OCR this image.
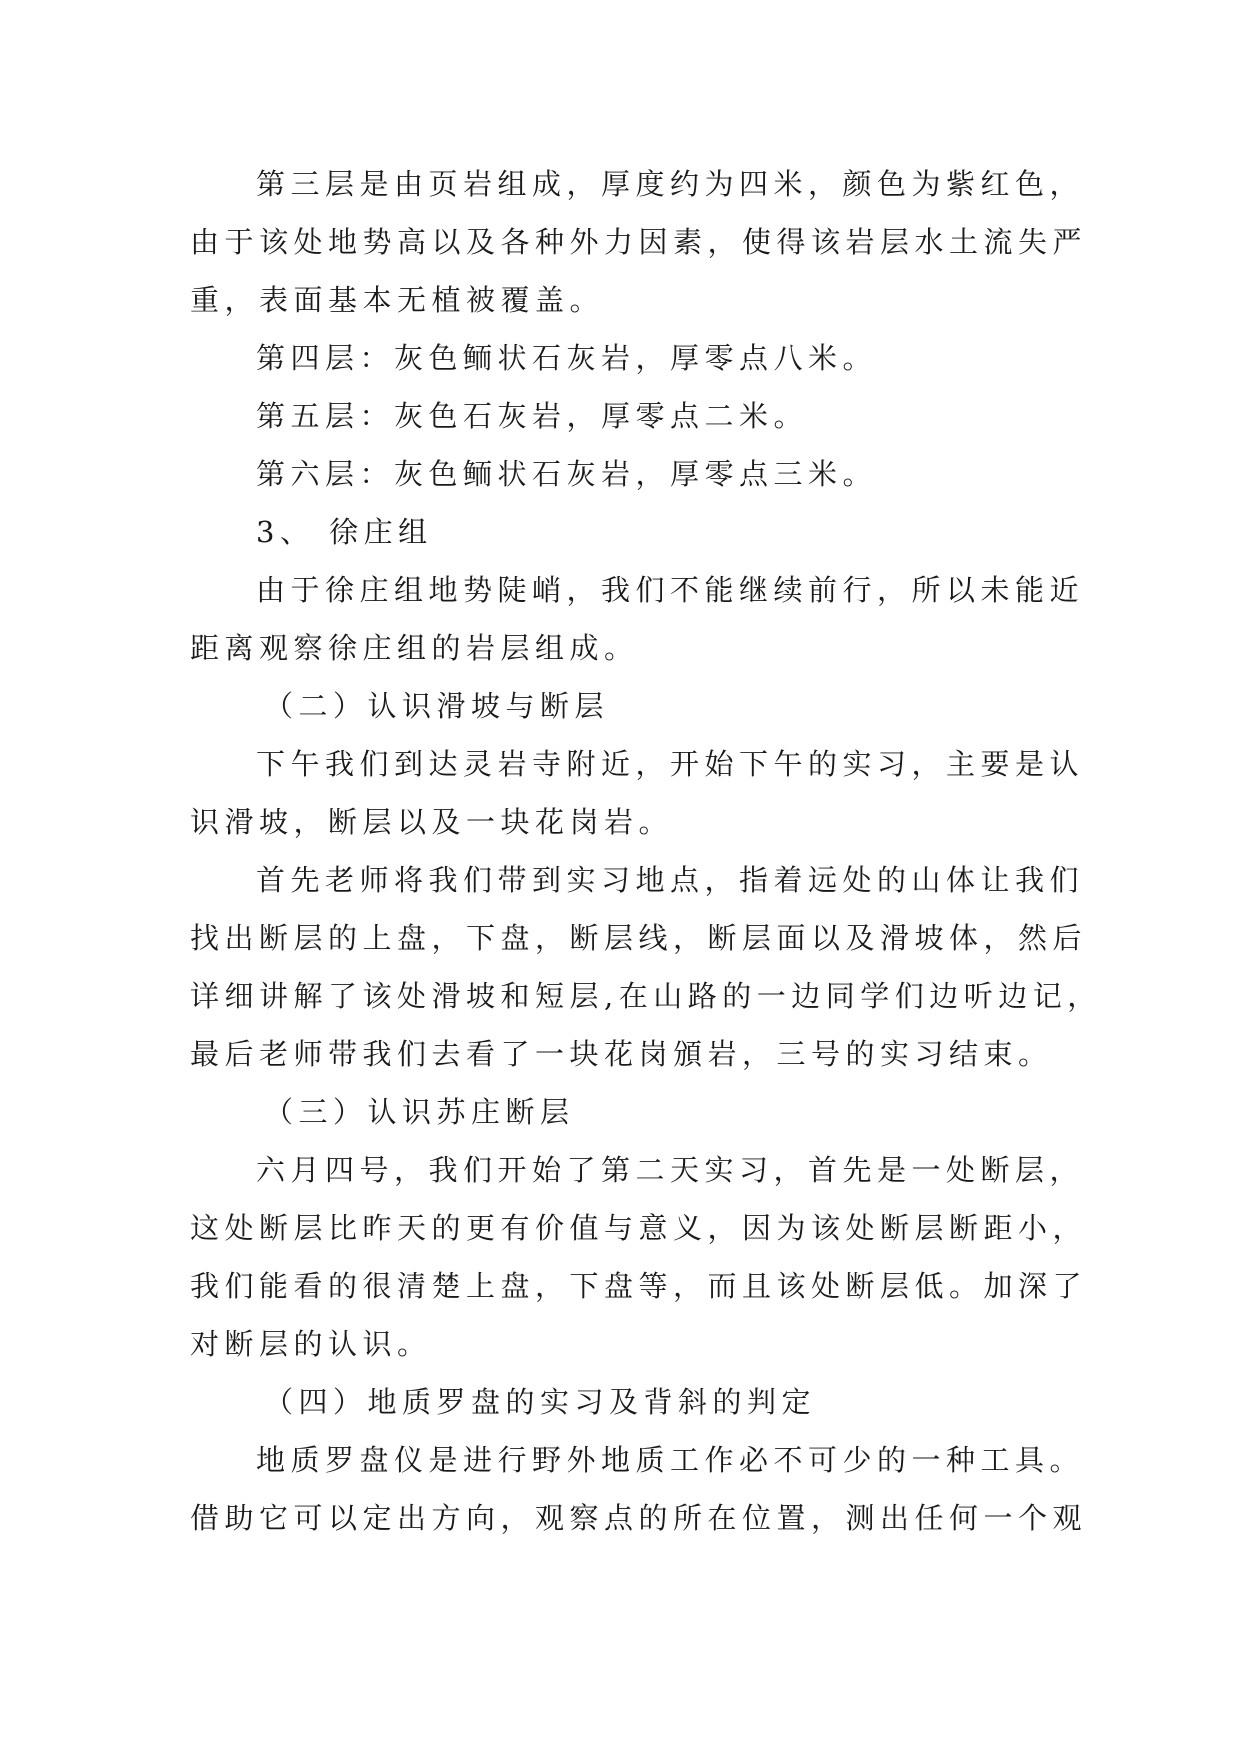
第三层是由页岩组成，厚度约为四米，颜色为紫红色，
由于该处地势高以及各种外力因素，使得该岩层水土流失严
重，表面基本无植被覆盖。
第四层：灰色鲕状石灰岩，厚零点八米。
第五层：灰色石灰岩，厚零点二米。
第六层：灰色鲕状石灰岩，厚零点三米。
3、 徐庄组
由于徐庄组地势陡峭，我们不能继续前行，所以未能近
距离观察徐庄组的岩层组成。
（二）认识滑坡与断层
下午我们到达灵岩寺附近，开始下午的实习，主要是认
识滑坡，断层以及一块花岗岩。
首先老师将我们带到实习地点，指着远处的山体让我们
找出断层的上盘，下盘，断层线，断层面以及滑坡体，然后
详细讲解了该处滑坡和短层,在山路的一边同学们边听边记，
最后老师带我们去看了一块花岗頒岩，三号的实习结束。
（三）认识苏庄断层
六月四号，我们开始了第二天实习，首先是一处断层，
这处断层比昨天的更有价值与意义，因为该处断层断距小，
我们能看的很清楚上盘，下盘等，而且该处断层低。加深了
对断层的认识。
（四）地质罗盘的实习及背斜的判定
地质罗盘仪是进行野外地质工作必不可少的一种工具。
借助它可以定出方向，观察点的所在位置，测出任何一个观
